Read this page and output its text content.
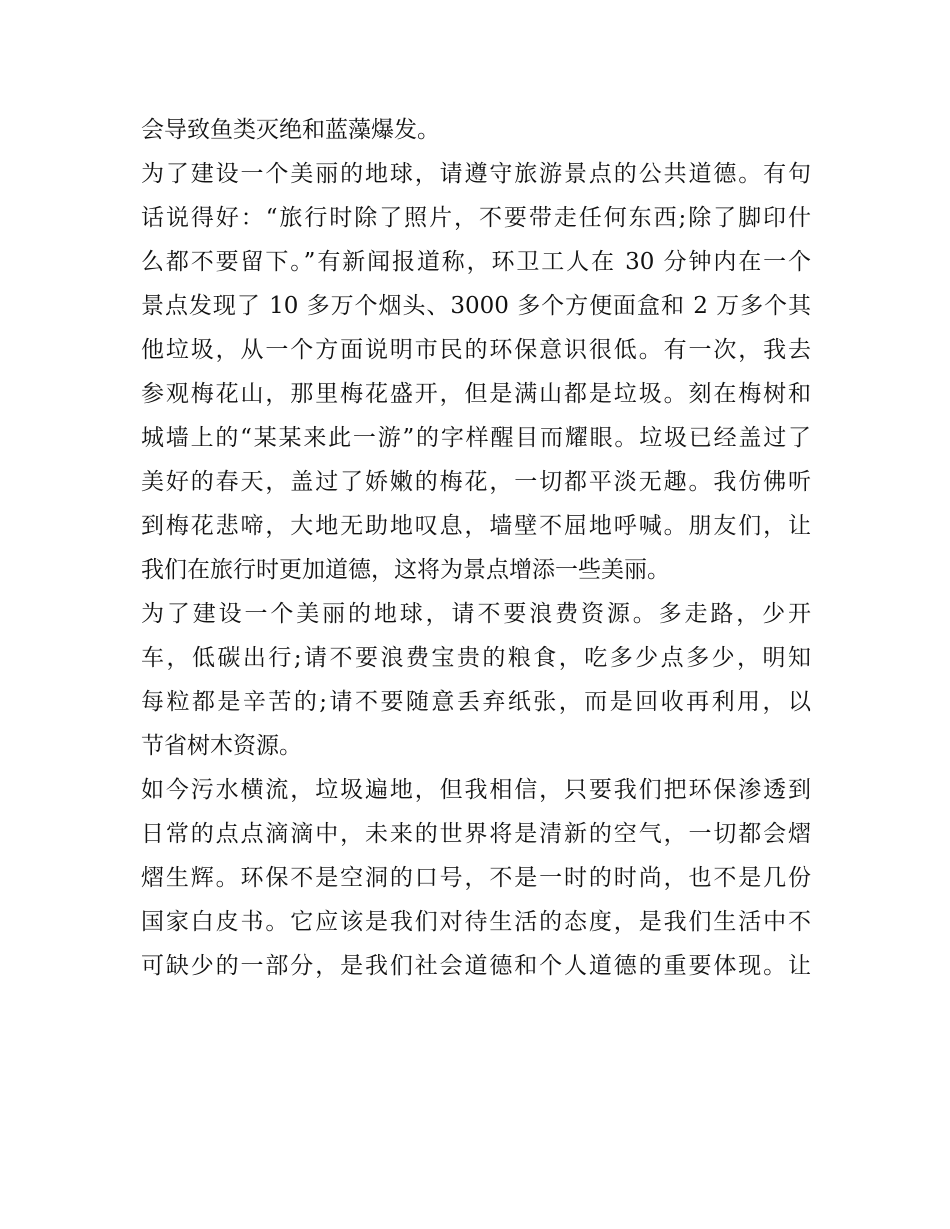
会导致鱼类灭绝和蓝藻爆发。
为了建设一个美丽的地球，请遵守旅游景点的公共道德。有句
话说得好：“旅行时除了照片，不要带走任何东西;除了脚印什
么都不要留下。”有新闻报道称，环卫工人在 30 分钟内在一个
景点发现了 10 多万个烟头、3000 多个方便面盒和 2 万多个其
他垃圾，从一个方面说明市民的环保意识很低。有一次，我去
参观梅花山，那里梅花盛开，但是满山都是垃圾。刻在梅树和
城墙上的“某某来此一游”的字样醒目而耀眼。垃圾已经盖过了
美好的春天，盖过了娇嫩的梅花，一切都平淡无趣。我仿佛听
到梅花悲啼，大地无助地叹息，墙壁不屈地呼喊。朋友们，让
我们在旅行时更加道德，这将为景点增添一些美丽。
为了建设一个美丽的地球，请不要浪费资源。多走路，少开
车，低碳出行;请不要浪费宝贵的粮食，吃多少点多少，明知
每粒都是辛苦的;请不要随意丢弃纸张，而是回收再利用，以
节省树木资源。
如今污水横流，垃圾遍地，但我相信，只要我们把环保渗透到
日常的点点滴滴中，未来的世界将是清新的空气，一切都会熠
熠生辉。环保不是空洞的口号，不是一时的时尚，也不是几份
国家白皮书。它应该是我们对待生活的态度，是我们生活中不
可缺少的一部分，是我们社会道德和个人道德的重要体现。让
